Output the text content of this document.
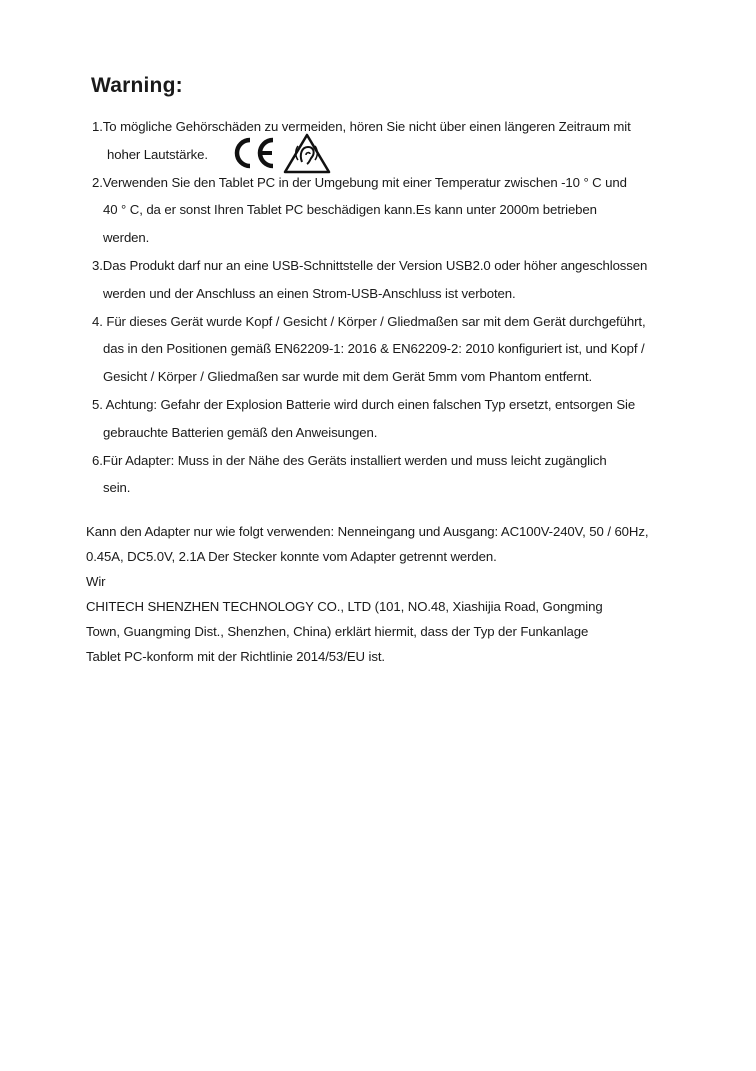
Warning:
1.To mögliche Gehörschäden zu vermeiden, hören Sie nicht über einen längeren Zeitraum mit
hoher Lautstärke.
2.Verwenden Sie den Tablet PC in der Umgebung mit einer Temperatur zwischen -10 ° C und
40 ° C, da er sonst Ihren Tablet PC beschädigen kann.Es kann unter 2000m betrieben
werden.
3.Das Produkt darf nur an eine USB-Schnittstelle der Version USB2.0 oder höher angeschlossen
werden und der Anschluss an einen Strom-USB-Anschluss ist verboten.
4. Für dieses Gerät wurde Kopf / Gesicht / Körper / Gliedmaßen sar mit dem Gerät durchgeführt,
das in den Positionen gemäß EN62209-1: 2016 & EN62209-2: 2010 konfiguriert ist, und Kopf /
Gesicht / Körper / Gliedmaßen sar wurde mit dem Gerät 5mm vom Phantom entfernt.
5. Achtung: Gefahr der Explosion Batterie wird durch einen falschen Typ ersetzt, entsorgen Sie
gebrauchte Batterien gemäß den Anweisungen.
6.Für Adapter: Muss in der Nähe des Geräts installiert werden und muss leicht zugänglich
sein.
Kann den Adapter nur wie folgt verwenden: Nenneingang und Ausgang: AC100V-240V, 50 / 60Hz,
0.45A, DC5.0V, 2.1A Der Stecker konnte vom Adapter getrennt werden.
Wir
CHITECH SHENZHEN TECHNOLOGY CO., LTD (101, NO.48, Xiashijia Road, Gongming
Town, Guangming Dist., Shenzhen, China) erklärt hiermit, dass der Typ der Funkanlage
Tablet PC-konform mit der Richtlinie 2014/53/EU ist.
